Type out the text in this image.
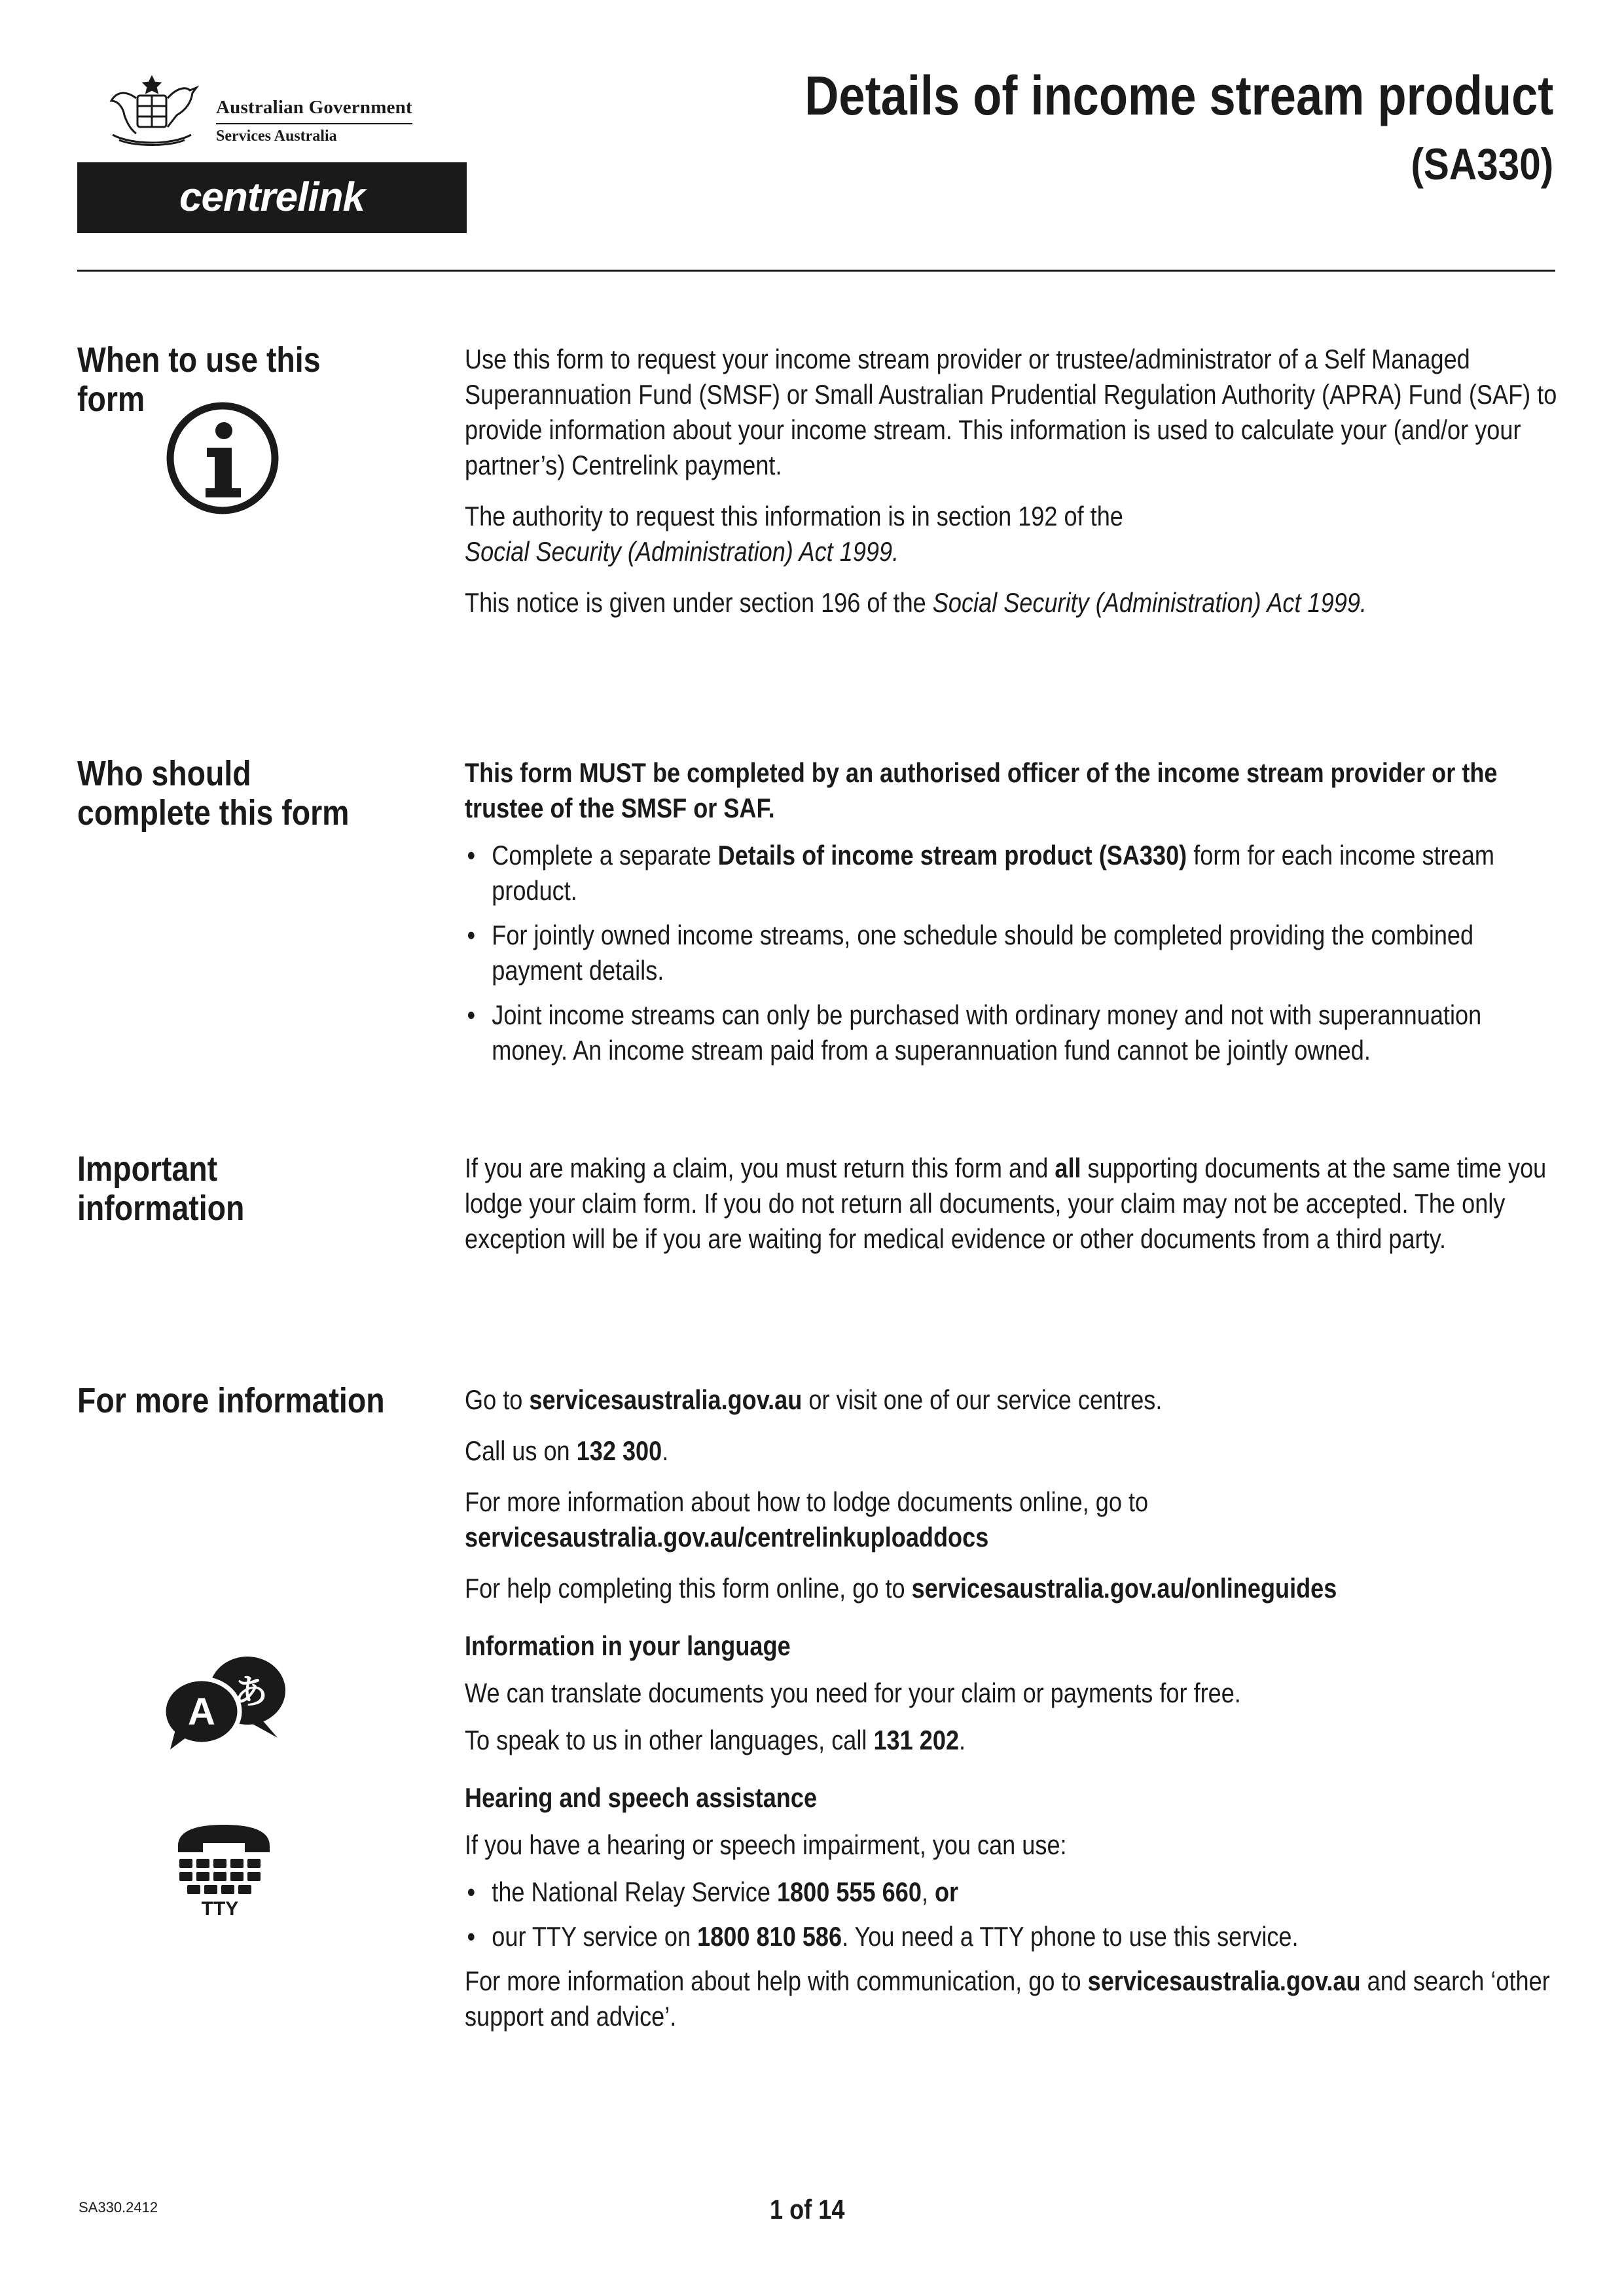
Australian Government
Services Australia
centrelink
Details of income stream product
(SA330)
When to use this form

Use this form to request your income stream provider or trustee/administrator of a Self Managed Superannuation Fund (SMSF) or Small Australian Prudential Regulation Authority (APRA) Fund (SAF) to provide information about your income stream. This information is used to calculate your (and/or your partner’s) Centrelink payment.

The authority to request this information is in section 192 of the
Social Security (Administration) Act 1999.

This notice is given under section 196 of the Social Security (Administration) Act 1999.

Who should complete this form

This form MUST be completed by an authorised officer of the income stream provider or the trustee of the SMSF or SAF.

• Complete a separate Details of income stream product (SA330) form for each income stream product.
• For jointly owned income streams, one schedule should be completed providing the combined payment details.
• Joint income streams can only be purchased with ordinary money and not with superannuation money. An income stream paid from a superannuation fund cannot be jointly owned.
Important information

If you are making a claim, you must return this form and all supporting documents at the same time you lodge your claim form. If you do not return all documents, your claim may not be accepted. The only exception will be if you are waiting for medical evidence or other documents from a third party.

For more information	Go to servicesaustralia.gov.au or visit one of our service centres.

Call us on 132 300.

For more information about how to lodge documents online, go to
servicesaustralia.gov.au/centrelinkuploaddocs

For help completing this form online, go to servicesaustralia.gov.au/onlineguides

Information in your language

We can translate documents you need for your claim or payments for free.

To speak to us in other languages, call 131 202.

Hearing and speech assistance

If you have a hearing or speech impairment, you can use:

• the National Relay Service 1800 555 660, or
• our TTY service on 1800 810 586. You need a TTY phone to use this service.

For more information about help with communication, go to servicesaustralia.gov.au and search ‘other support and advice’.

A あ
TTY
SA330.2412	1 of 14
